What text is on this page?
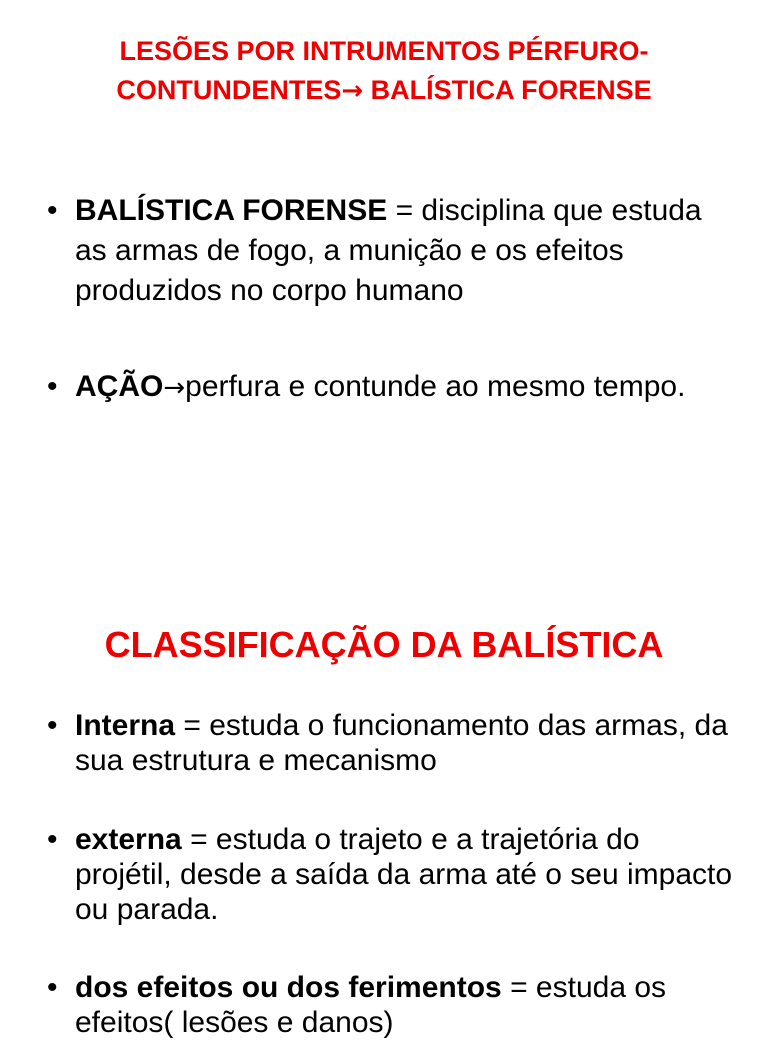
LESÕES POR INTRUMENTOS PÉRFURO-
CONTUNDENTES→ BALÍSTICA FORENSE
• BALÍSTICA FORENSE = disciplina que estuda as armas de fogo, a munição e os efeitos produzidos no corpo humano
• AÇÃO→perfura e contunde ao mesmo tempo.
CLASSIFICAÇÃO DA BALÍSTICA
• Interna = estuda o funcionamento das armas, da sua estrutura e mecanismo
• externa = estuda o trajeto e a trajetória do projétil, desde a saída da arma até o seu impacto ou parada.
• dos efeitos ou dos ferimentos = estuda os efeitos( lesões e danos)
